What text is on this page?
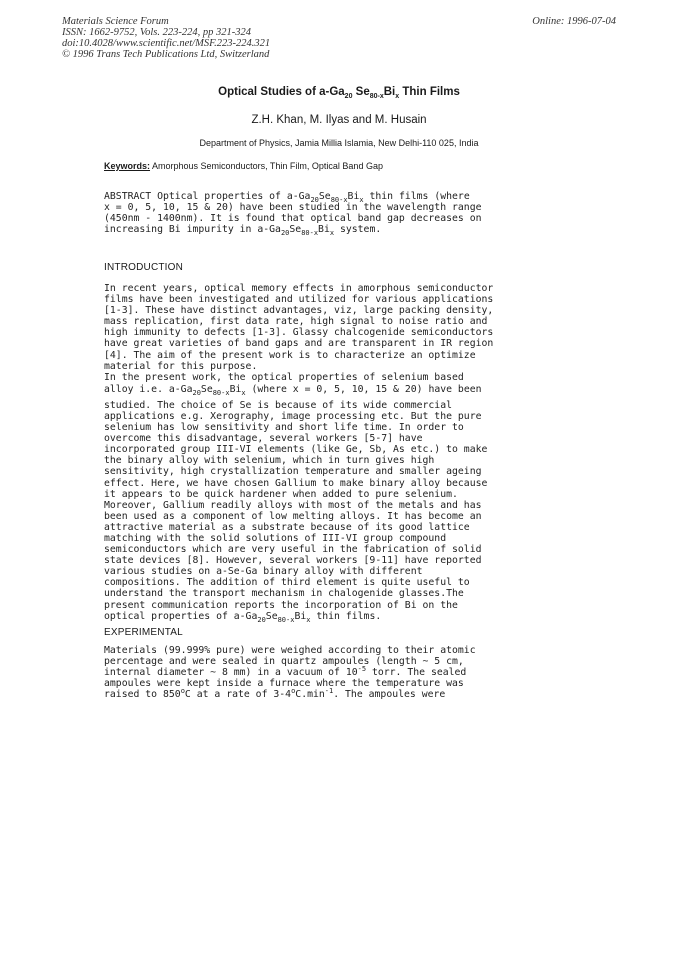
Materials Science Forum
ISSN: 1662-9752, Vols. 223-224, pp 321-324
doi:10.4028/www.scientific.net/MSF.223-224.321
© 1996 Trans Tech Publications Ltd, Switzerland
Online: 1996-07-04
Optical Studies of $a-Ga_{20}$ $Se_{80-x}Bi_x$ Thin Films
Z.H. Khan, M. Ilyas and M. Husain
Department of Physics, Jamia Millia Islamia, New Delhi-110 025, India
Keywords: Amorphous Semiconductors, Thin Film, Optical Band Gap
ABSTRACT Optical properties of $a-Ga_{20}Se_{80-x}Bi_x$ thin films (where
x = 0, 5, 10, 15 & 20) have been studied in the wavelength range
(450nm - 1400nm). It is found that optical band gap decreases on
increasing Bi impurity in $a-Ga_{20}Se_{80-x}Bi_x$ system.
INTRODUCTION
In recent years, optical memory effects in amorphous semiconductor
films have been investigated and utilized for various applications
[1-3]. These have distinct advantages, viz, large packing density,
mass replication, first data rate, high signal to noise ratio and
high immunity to defects [1-3]. Glassy chalcogenide semiconductors
have great varieties of band gaps and are transparent in IR region
[4]. The aim of the present work is to characterize an optimize
material for this purpose.
In the present work, the optical properties of selenium based
alloy i.e. $a-Ga_{20}Se_{80-x}Bi_x$ (where x = 0, 5, 10, 15 & 20) have been
studied. The choice of Se is because of its wide commercial
applications e.g. Xerography, image processing etc. But the pure
selenium has low sensitivity and short life time. In order to
overcome this disadvantage, several workers [5-7] have
incorporated group III-VI elements (like Ge, Sb, As etc.) to make
the binary alloy with selenium, which in turn gives high
sensitivity, high crystallization temperature and smaller ageing
effect. Here, we have chosen Gallium to make binary alloy because
it appears to be quick hardener when added to pure selenium.
Moreover, Gallium readily alloys with most of the metals and has
been used as a component of low melting alloys. It has become an
attractive material as a substrate because of its good lattice
matching with the solid solutions of III-VI group compound
semiconductors which are very useful in the fabrication of solid
state devices [8]. However, several workers [9-11] have reported
various studies on a-Se-Ga binary alloy with different
compositions. The addition of third element is quite useful to
understand the transport mechanism in chalogenide glasses.The
present communication reports the incorporation of Bi on the
optical properties of $a-Ga_{20}Se_{80-x}Bi_x$ thin films.
EXPERIMENTAL
Materials (99.999% pure) were weighed according to their atomic
percentage and were sealed in quartz ampoules (length ~ 5 cm,
internal diameter ~ 8 mm) in a vacuum of $10^{-5}$ torr. The sealed
ampoules were kept inside a furnace where the temperature was
raised to 850$^o$C at a rate of $3-4^oC.\min^{-1}$. The ampoules were
